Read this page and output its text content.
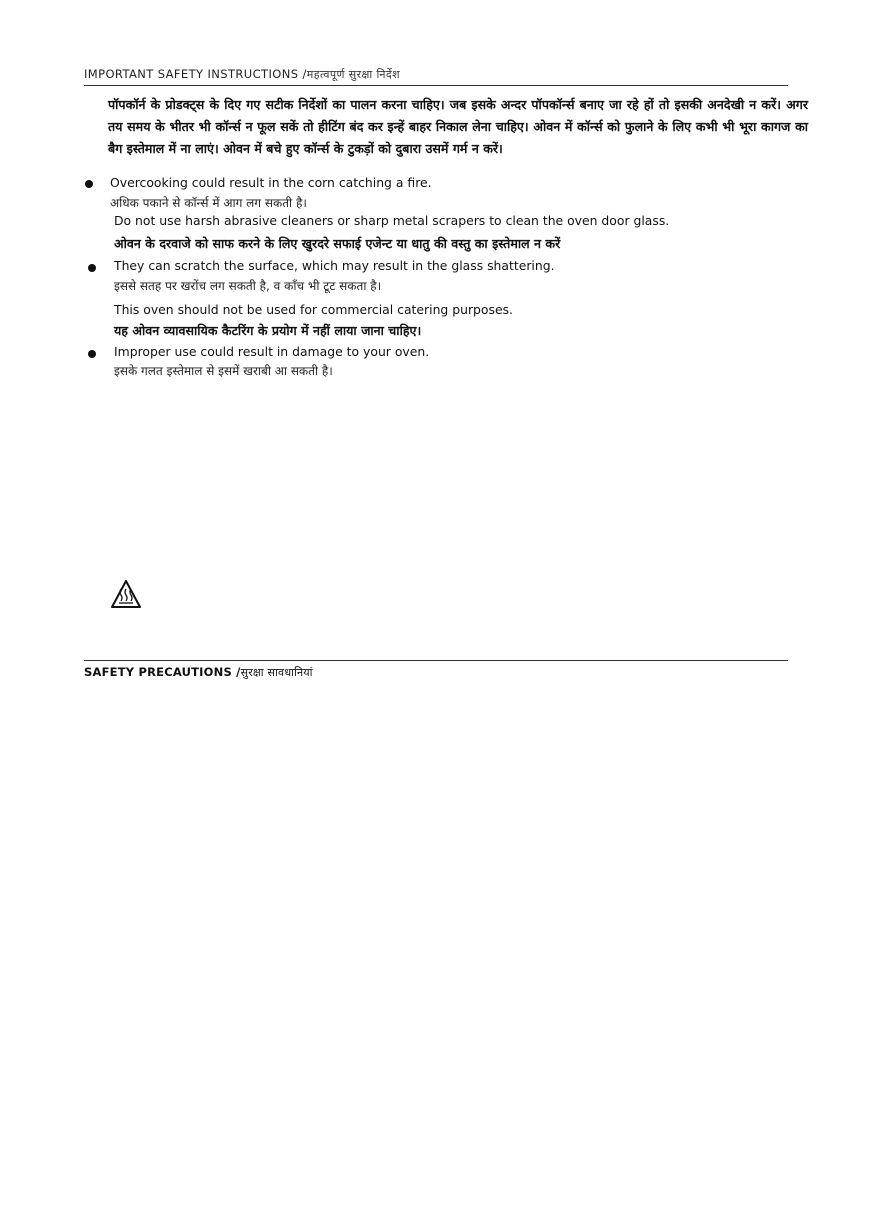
IMPORTANT SAFETY INSTRUCTIONS /महत्वपूर्ण सुरक्षा निर्देश
पॉपकॉर्न के प्रोडक्ट्स के दिए गए सटीक निर्देशों का पालन करना चाहिए। जब इसके अन्दर पॉपकॉर्न्स बनाए जा रहे हों तो इसकी अनदेखी न करें। अगर तय समय के भीतर भी कॉर्न्स न फूल सकें तो हीटिंग बंद कर इन्हें बाहर निकाल लेना चाहिए। ओवन में कॉर्न्स को फुलाने के लिए कभी भी भूरा कागज का बैग इस्तेमाल में ना लाएं। ओवन में बचे हुए कॉर्न्स के टुकड़ों को दुबारा उसमें गर्म न करें।
Overcooking could result in the corn catching a fire.
अधिक पकाने से कॉर्न्स में आग लग सकती है।
Do not use harsh abrasive cleaners or sharp metal scrapers to clean the oven door glass.
ओवन के दरवाजे को साफ करने के लिए खुरदरे सफाई एजेन्ट या धातु की वस्तु का इस्तेमाल न करें
They can scratch the surface, which may result in the glass shattering.
इससे सतह पर खरोंच लग सकती है, व काँच भी टूट सकता है।
This oven should not be used for commercial catering purposes.
यह ओवन व्यावसायिक कैटरिंग के प्रयोग में नहीं लाया जाना चाहिए।
Improper use could result in damage to your oven.
इसके गलत इस्तेमाल से इसमें खराबी आ सकती है।
SAFETY PRECAUTIONS /सुरक्षा सावधानियां
